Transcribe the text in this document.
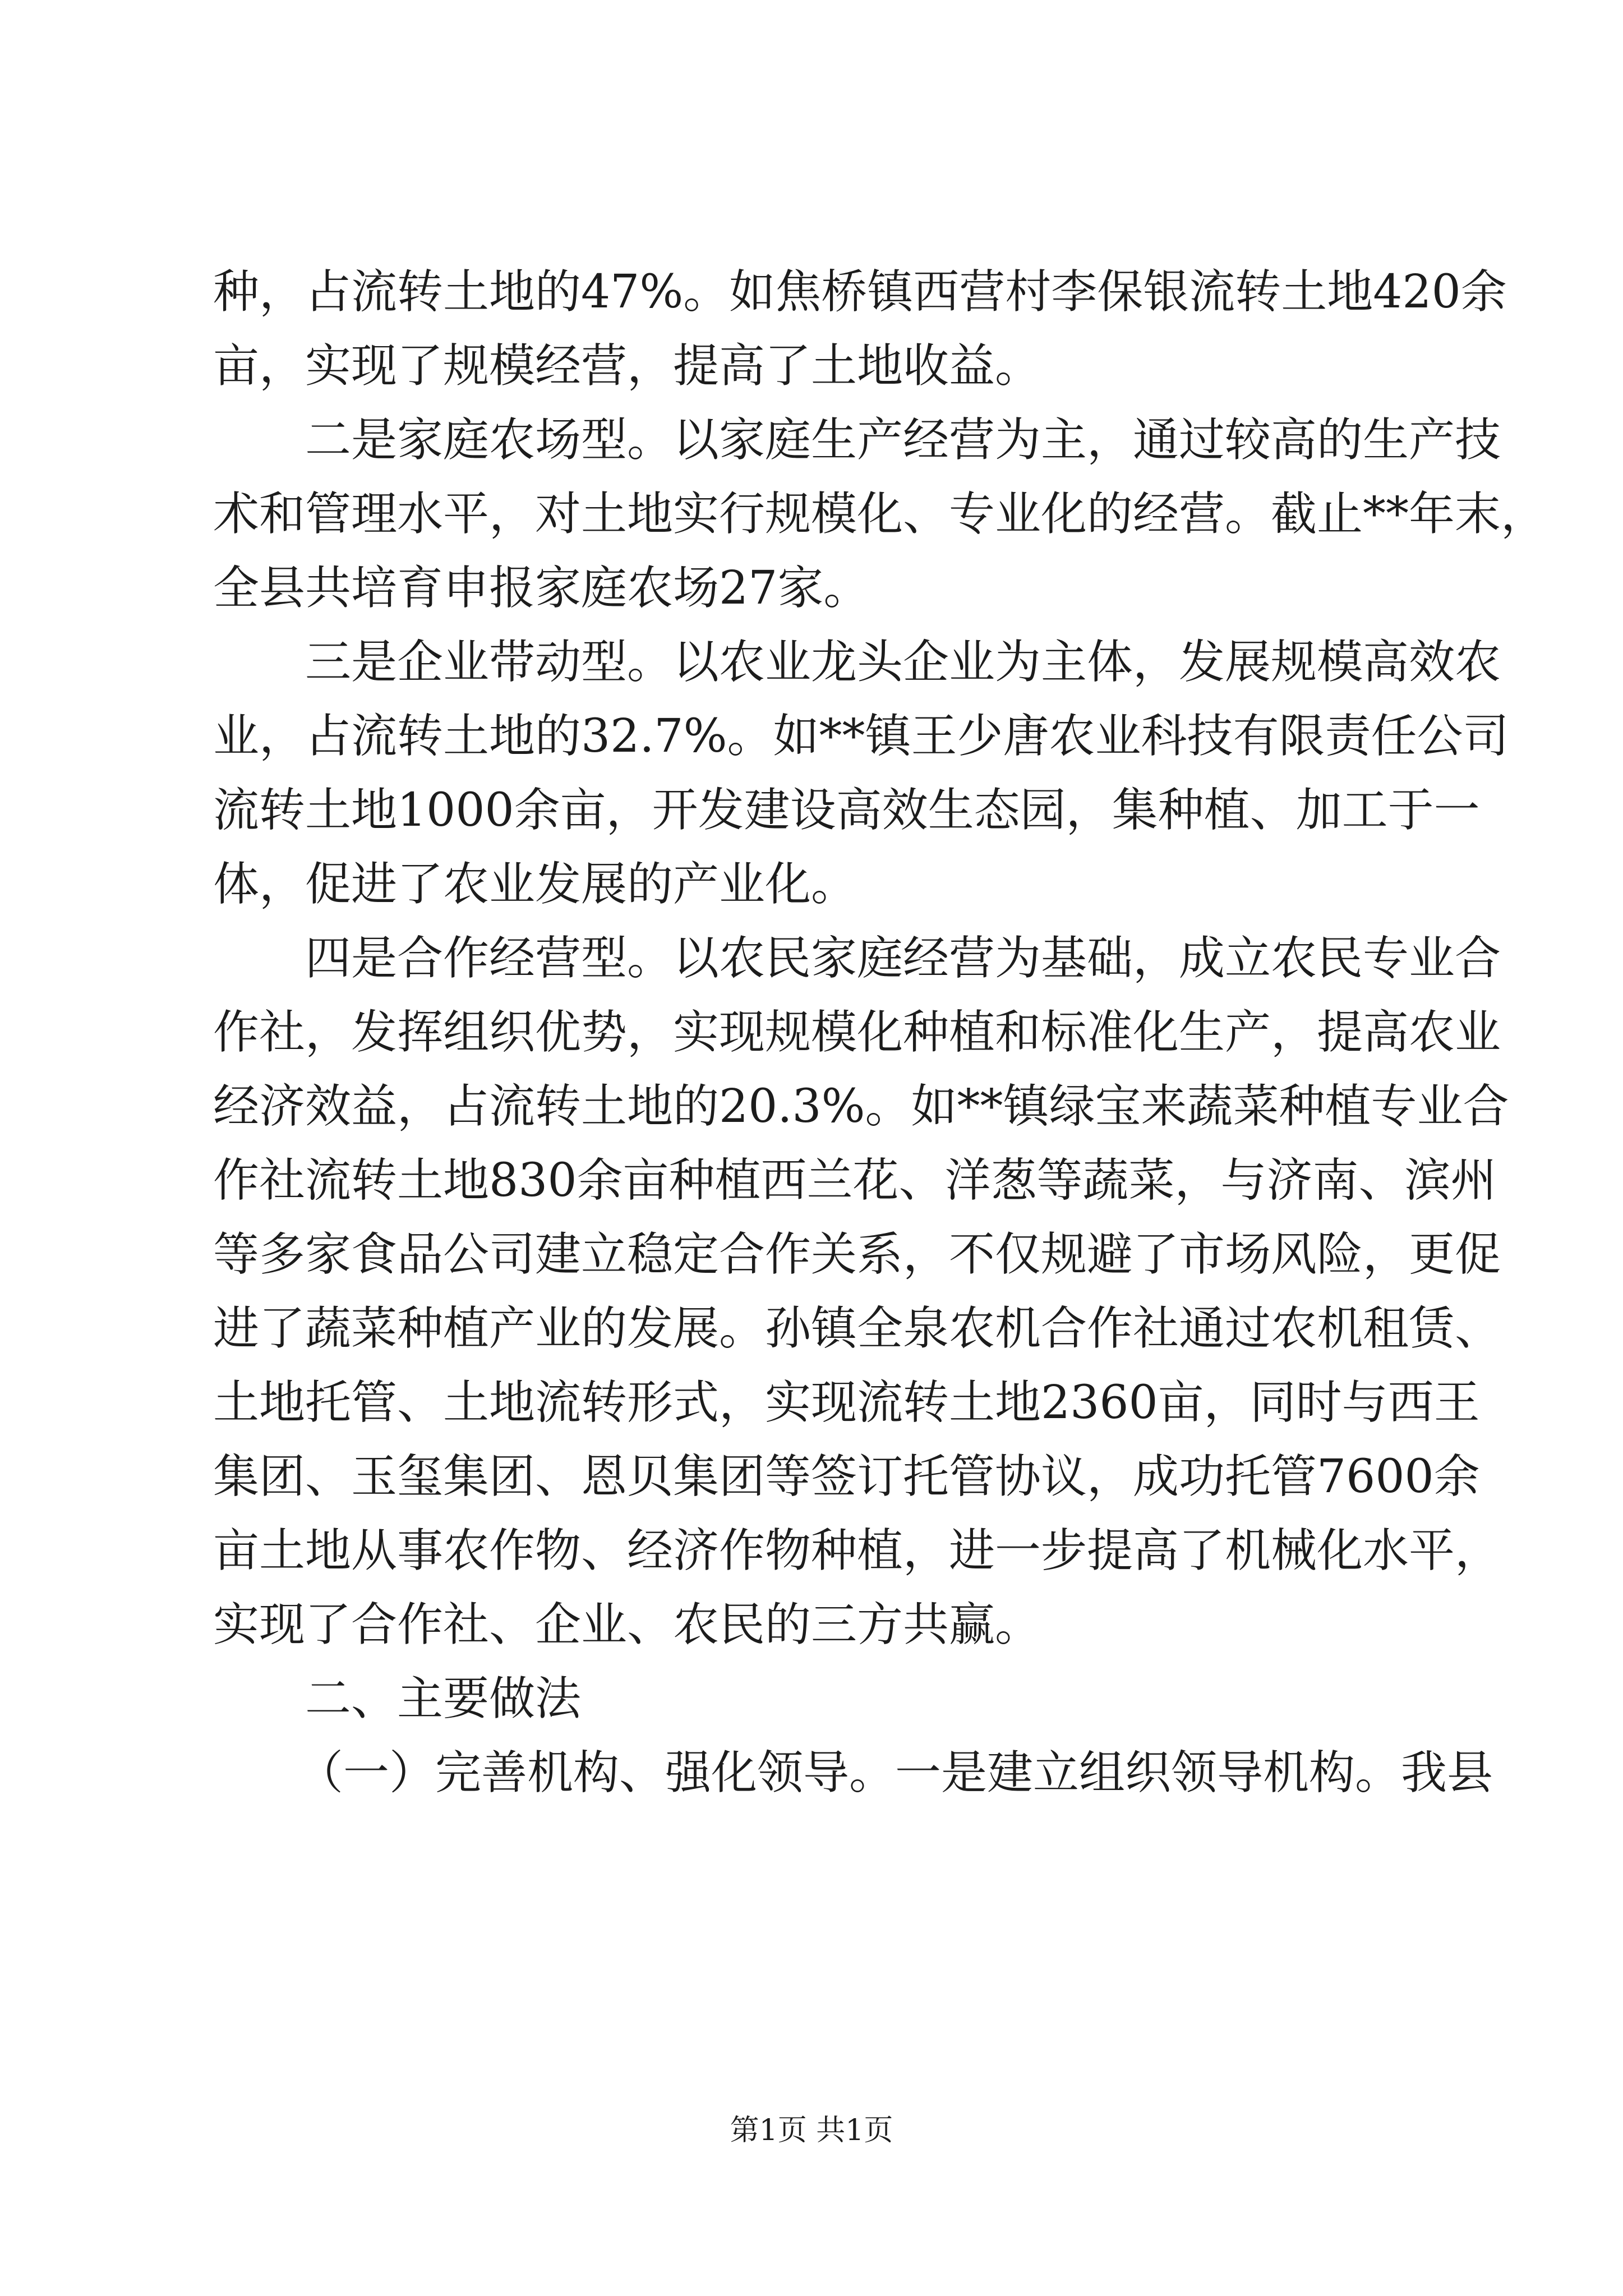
种，占流转土地的47%。如焦桥镇西营村李保银流转土地420余
亩，实现了规模经营，提高了土地收益。
二是家庭农场型。以家庭生产经营为主，通过较高的生产技
术和管理水平，对土地实行规模化、专业化的经营。截止**年末，
全县共培育申报家庭农场27家。
三是企业带动型。以农业龙头企业为主体，发展规模高效农
业，占流转土地的32.7%。如**镇王少唐农业科技有限责任公司
流转土地1000余亩，开发建设高效生态园，集种植、加工于一
体，促进了农业发展的产业化。
四是合作经营型。以农民家庭经营为基础，成立农民专业合
作社，发挥组织优势，实现规模化种植和标准化生产，提高农业
经济效益，占流转土地的20.3%。如**镇绿宝来蔬菜种植专业合
作社流转土地830余亩种植西兰花、洋葱等蔬菜，与济南、滨州
等多家食品公司建立稳定合作关系，不仅规避了市场风险，更促
进了蔬菜种植产业的发展。孙镇全泉农机合作社通过农机租赁、
土地托管、土地流转形式，实现流转土地2360亩，同时与西王
集团、玉玺集团、恩贝集团等签订托管协议，成功托管7600余
亩土地从事农作物、经济作物种植，进一步提高了机械化水平，
实现了合作社、企业、农民的三方共赢。
二、主要做法
（一）完善机构、强化领导。一是建立组织领导机构。我县
第1页 共1页
